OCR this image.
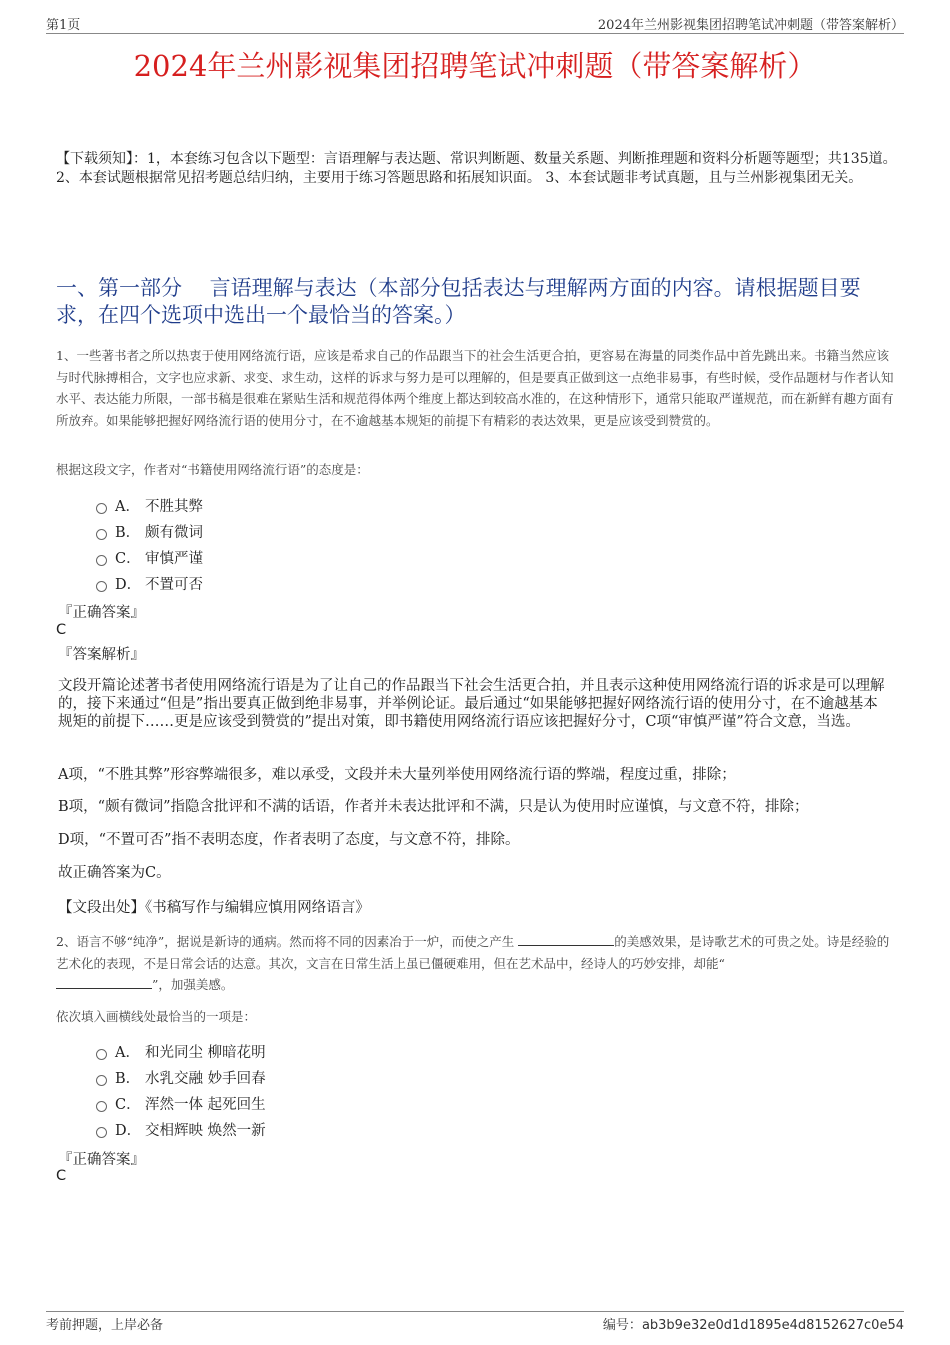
第1页	2024年兰州影视集团招聘笔试冲刺题（带答案解析）
2024年兰州影视集团招聘笔试冲刺题（带答案解析）
【下载须知】：1，本套练习包含以下题型：言语理解与表达题、常识判断题、数量关系题、判断推理题和资料分析题等题型；共135道。 2、本套试题根据常见招考题总结归纳，主要用于练习答题思路和拓展知识面。 3、本套试题非考试真题，且与兰州影视集团无关。
一、第一部分　 言语理解与表达（本部分包括表达与理解两方面的内容。请根据题目要求，在四个选项中选出一个最恰当的答案。）
1、一些著书者之所以热衷于使用网络流行语，应该是希求自己的作品跟当下的社会生活更合拍，更容易在海量的同类作品中首先跳出来。书籍当然应该与时代脉搏相合，文字也应求新、求变、求生动，这样的诉求与努力是可以理解的，但是要真正做到这一点绝非易事，有些时候，受作品题材与作者认知水平、表达能力所限，一部书稿是很难在紧贴生活和规范得体两个维度上都达到较高水准的，在这种情形下，通常只能取严谨规范，而在新鲜有趣方面有所放弃。如果能够把握好网络流行语的使用分寸，在不逾越基本规矩的前提下有精彩的表达效果，更是应该受到赞赏的。
根据这段文字，作者对“书籍使用网络流行语”的态度是：
A． 不胜其弊
B． 颇有微词
C． 审慎严谨
D． 不置可否
『正确答案』
C
『答案解析』
文段开篇论述著书者使用网络流行语是为了让自己的作品跟当下社会生活更合拍，并且表示这种使用网络流行语的诉求是可以理解的，接下来通过“但是”指出要真正做到绝非易事，并举例论证。最后通过“如果能够把握好网络流行语的使用分寸，在不逾越基本规矩的前提下……更是应该受到赞赏的”提出对策，即书籍使用网络流行语应该把握好分寸，C项“审慎严谨”符合文意，当选。
A项，“不胜其弊”形容弊端很多，难以承受，文段并未大量列举使用网络流行语的弊端，程度过重，排除；
B项，“颇有微词”指隐含批评和不满的话语，作者并未表达批评和不满，只是认为使用时应谨慎，与文意不符，排除；
D项，“不置可否”指不表明态度，作者表明了态度，与文意不符，排除。
故正确答案为C。
【文段出处】《书稿写作与编辑应慎用网络语言》
2、语言不够“纯净”，据说是新诗的通病。然而将不同的因素冶于一炉，而使之产生	的美感效果，是诗歌艺术的可贵之处。诗是经验的艺术化的表现，不是日常会话的达意。其次，文言在日常生活上虽已僵硬难用，但在艺术品中，经诗人的巧妙安排，却能“
”，加强美感。
依次填入画横线处最恰当的一项是：
A． 和光同尘 柳暗花明
B． 水乳交融 妙手回春
C． 浑然一体 起死回生
D． 交相辉映 焕然一新
『正确答案』
C
考前押题，上岸必备	编号：ab3b9e32e0d1d1895e4d8152627c0e54
